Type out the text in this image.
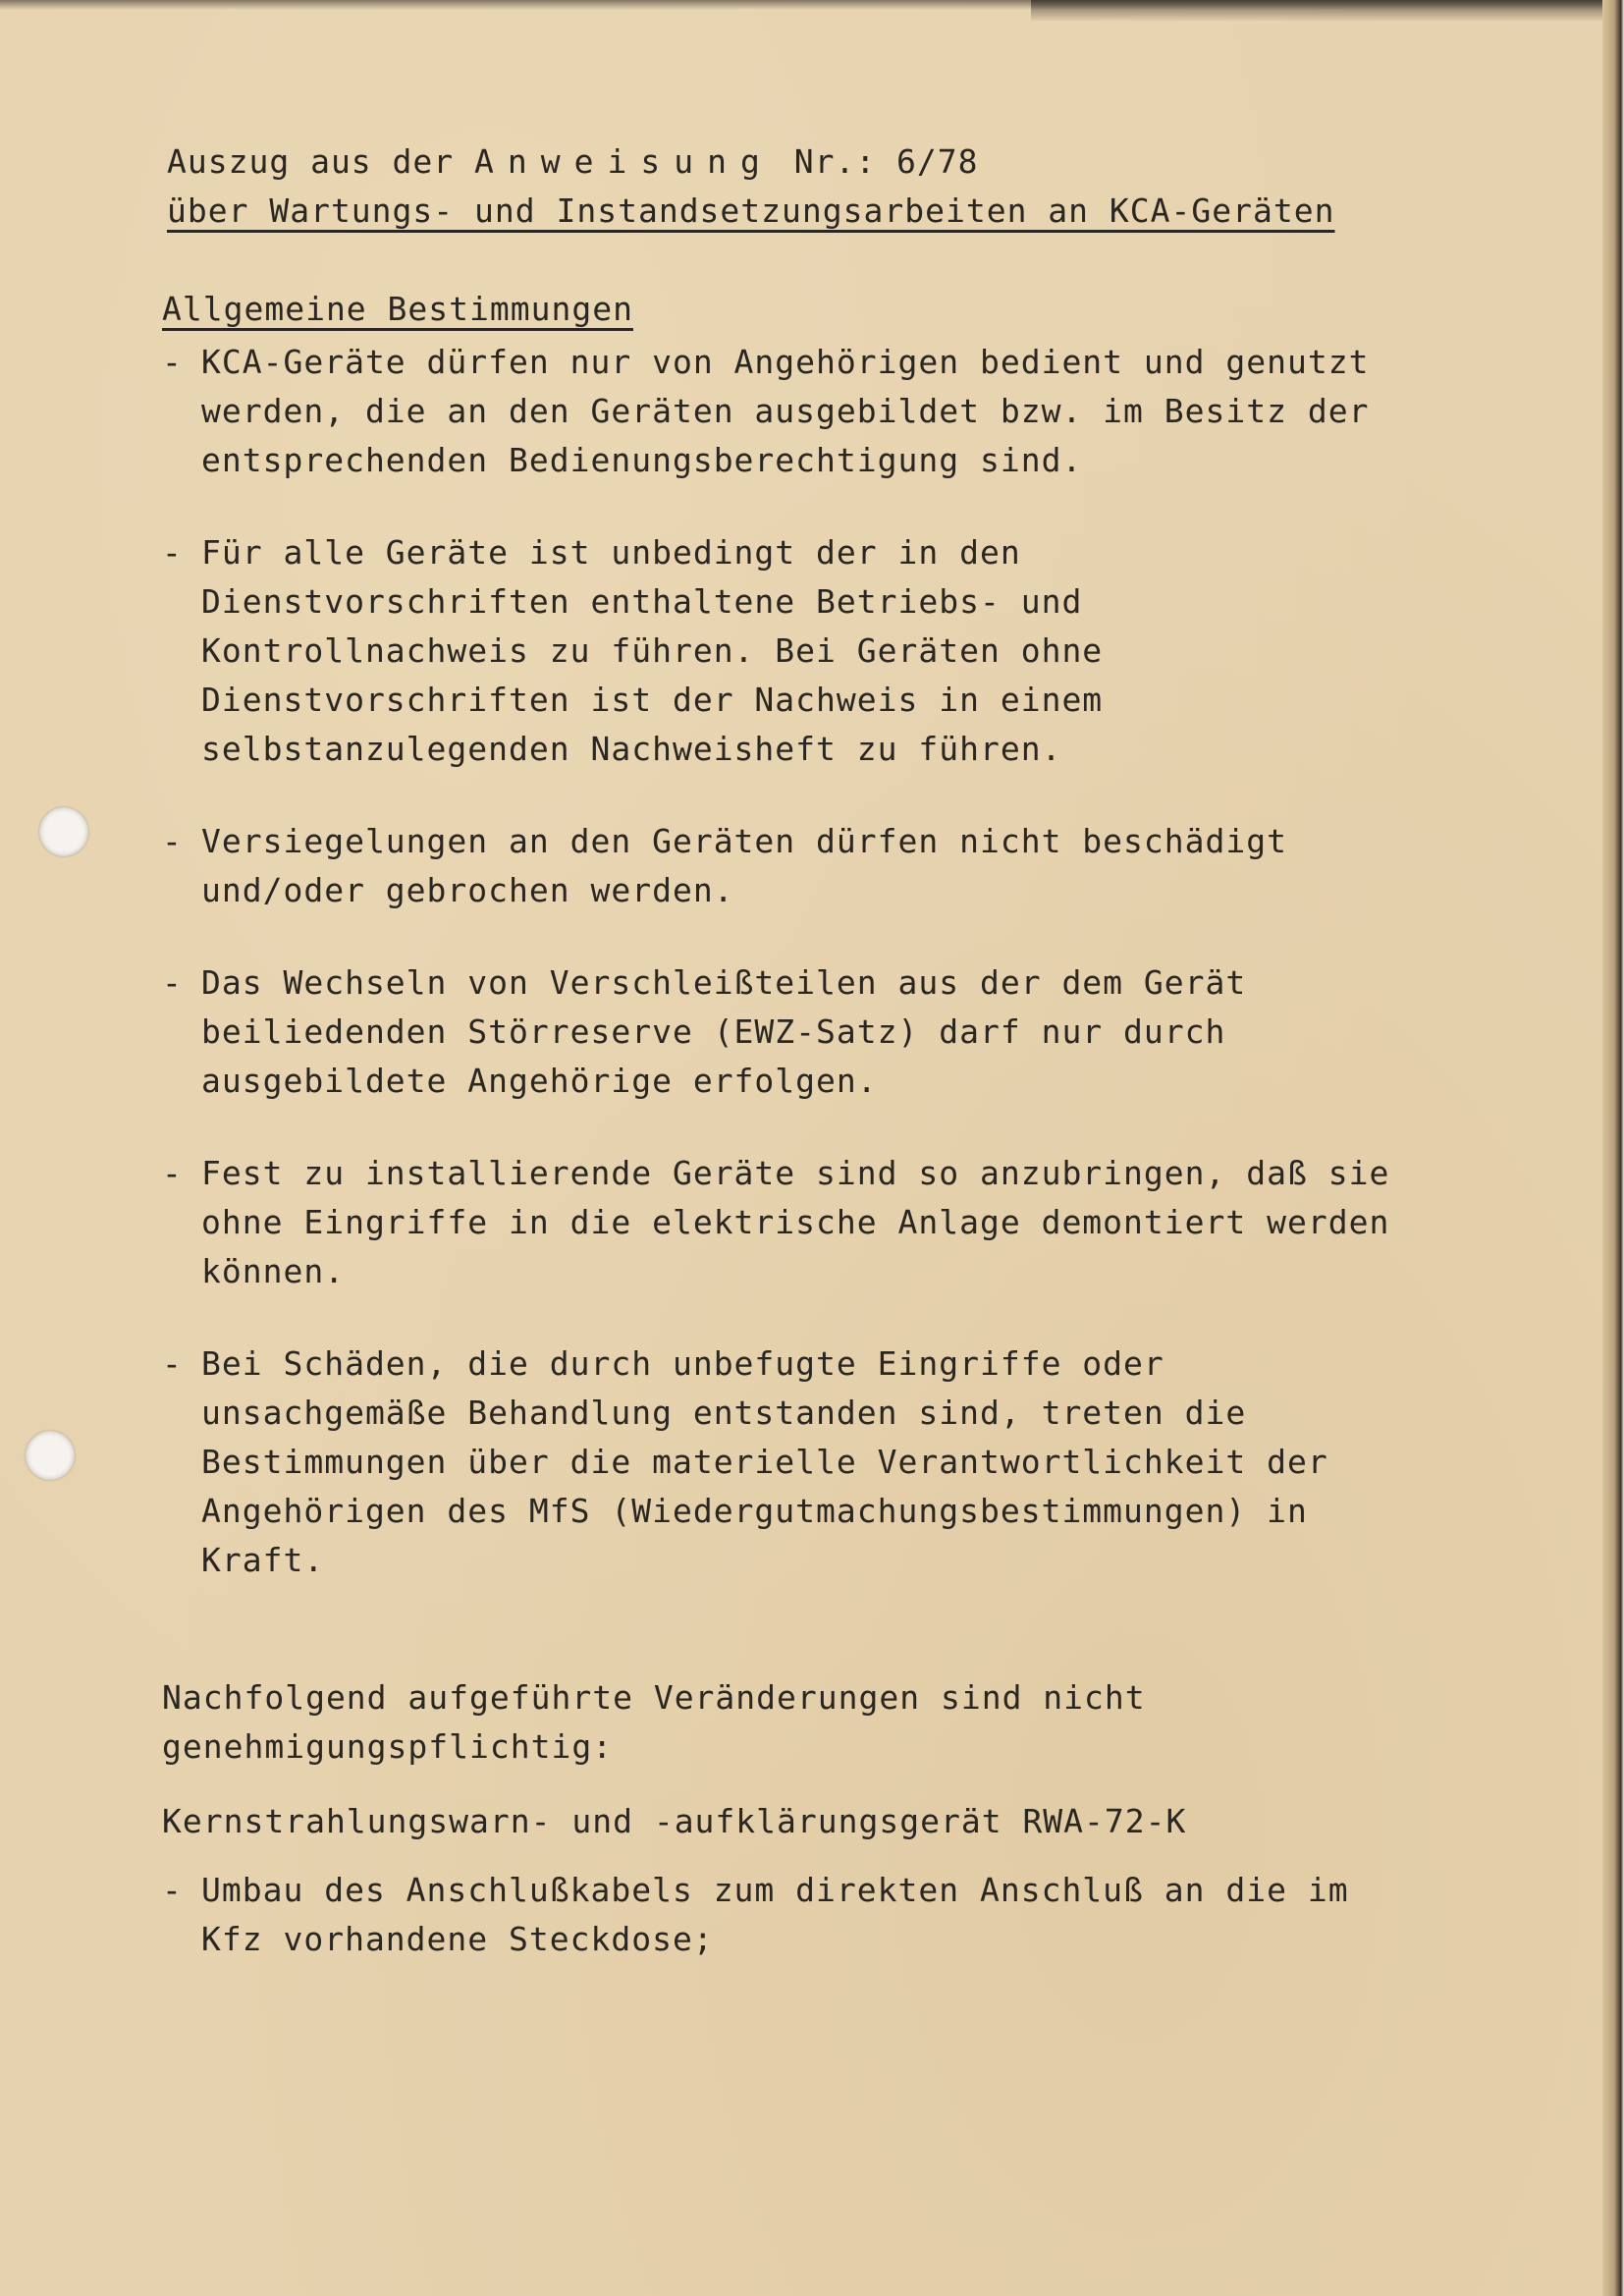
Auszug aus der Anweisung Nr.: 6/78
über Wartungs- und Instandsetzungsarbeiten an KCA-Geräten
Allgemeine Bestimmungen
- KCA-Geräte dürfen nur von Angehörigen bedient und genutzt werden, die an den Geräten ausgebildet bzw. im Besitz der entsprechenden Bedienungsberechtigung sind.
- Für alle Geräte ist unbedingt der in den Dienstvorschriften enthaltene Betriebs- und Kontrollnachweis zu führen. Bei Geräten ohne Dienstvorschriften ist der Nachweis in einem selbstanzulegenden Nachweisheft zu führen.
- Versiegelungen an den Geräten dürfen nicht beschädigt und/oder gebrochen werden.
- Das Wechseln von Verschleißteilen aus der dem Gerät beiliedenden Störreserve (EWZ-Satz) darf nur durch ausgebildete Angehörige erfolgen.
- Fest zu installierende Geräte sind so anzubringen, daß sie ohne Eingriffe in die elektrische Anlage demontiert werden können.
- Bei Schäden, die durch unbefugte Eingriffe oder unsachgemäße Behandlung entstanden sind, treten die Bestimmungen über die materielle Verantwortlichkeit der Angehörigen des MfS (Wiedergutmachungsbestimmungen) in Kraft.
Nachfolgend aufgeführte Veränderungen sind nicht genehmigungspflichtig:
Kernstrahlungswarn- und -aufklärungsgerät RWA-72-K
- Umbau des Anschlußkabels zum direkten Anschluß an die im Kfz vorhandene Steckdose;
